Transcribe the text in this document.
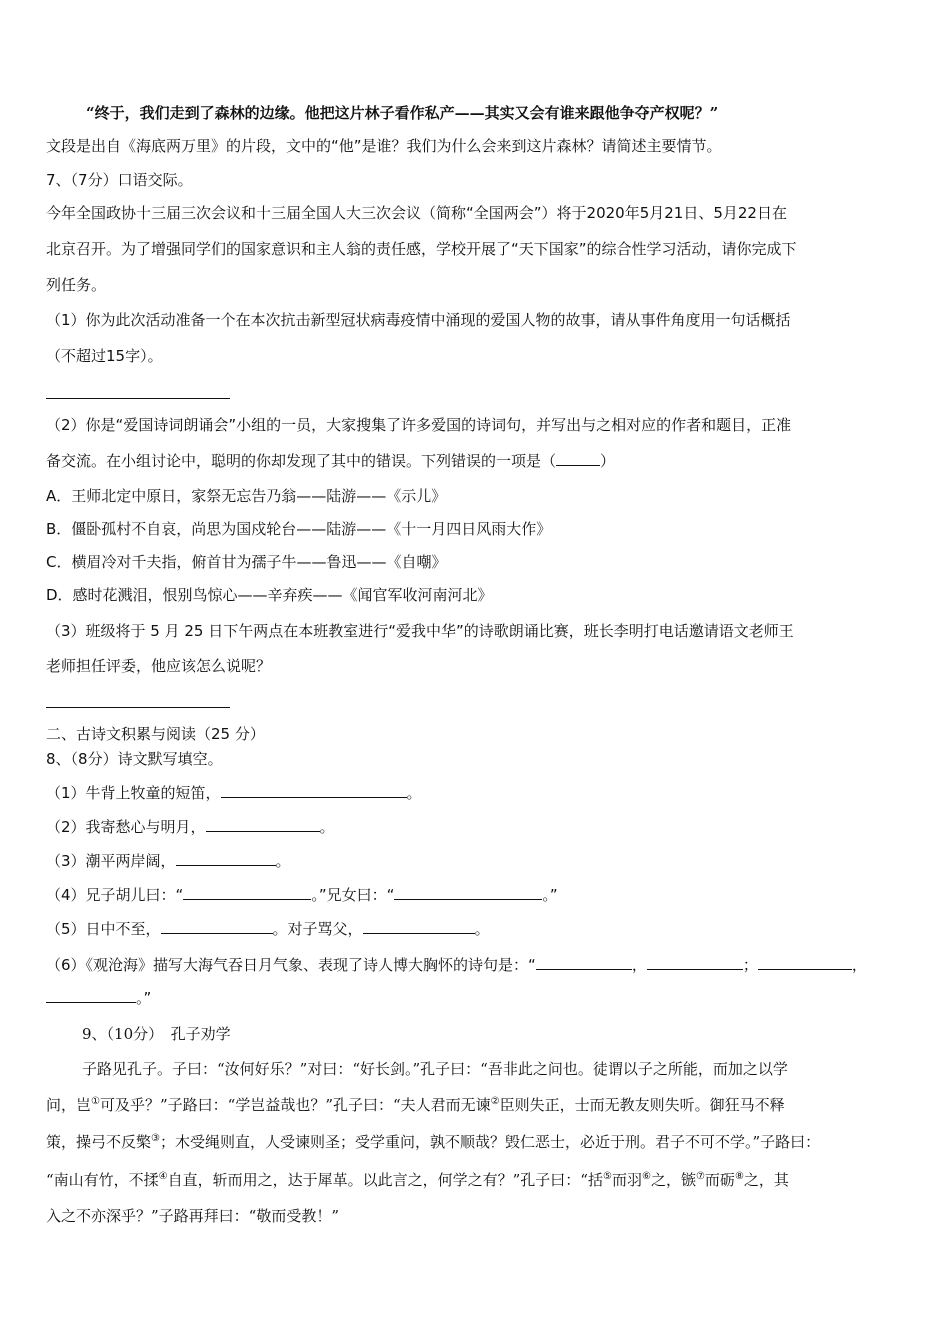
“终于，我们走到了森林的边缘。他把这片林子看作私产——其实又会有谁来跟他争夺产权呢？”
文段是出自《海底两万里》的片段，文中的“他”是谁？我们为什么会来到这片森林？请简述主要情节。
7、（7分）口语交际。
今年全国政协十三届三次会议和十三届全国人大三次会议（简称“全国两会”）将于2020年5月21日、5月22日在
北京召开。为了增强同学们的国家意识和主人翁的责任感，学校开展了“天下国家”的综合性学习活动，请你完成下
列任务。
（1）你为此次活动准备一个在本次抗击新型冠状病毒疫情中涌现的爱国人物的故事，请从事件角度用一句话概括
（不超过15字）。
（2）你是“爱国诗词朗诵会”小组的一员，大家搜集了许多爱国的诗词句，并写出与之相对应的作者和题目，正准
备交流。在小组讨论中，聪明的你却发现了其中的错误。下列错误的一项是（	）
A．王师北定中原日，家祭无忘告乃翁——陆游——《示儿》
B．僵卧孤村不自哀，尚思为国戍轮台——陆游——《十一月四日风雨大作》
C．横眉冷对千夫指，俯首甘为孺子牛——鲁迅——《自嘲》
D．感时花溅泪，恨别鸟惊心——辛弃疾——《闻官军收河南河北》
（3）班级将于 5 月 25 日下午两点在本班教室进行“爱我中华”的诗歌朗诵比赛，班长李明打电话邀请语文老师王
老师担任评委，他应该怎么说呢？
二、古诗文积累与阅读（25 分）
8、（8分）诗文默写填空。
（1）牛背上牧童的短笛，	。
（2）我寄愁心与明月，	。
（3）潮平两岸阔，	。
（4）兄子胡儿曰：“	。”兄女曰：“	。”
（5）日中不至，	。对子骂父，	。
（6）《观沧海》描写大海气吞日月气象、表现了诗人博大胸怀的诗句是：“	，	；	，
。”
9、（10分）　孔子劝学
子路见孔子。子曰：“汝何好乐？”对曰：“好长剑。”孔子曰：“吾非此之问也。徒谓以子之所能，而加之以学
问，岂①可及乎？”子路曰：“学岂益哉也？”孔子曰：“夫人君而无谏②臣则失正，士而无教友则失听。御狂马不释
策，操弓不反檠③；木受绳则直，人受谏则圣；受学重问，孰不顺哉？毁仁恶士，必近于刑。君子不可不学。”子路曰：
“南山有竹，不揉④自直，斩而用之，达于犀革。以此言之，何学之有？”孔子曰：“括⑤而羽⑥之，镞⑦而砺⑧之，其
入之不亦深乎？”子路再拜曰：“敬而受教！”
